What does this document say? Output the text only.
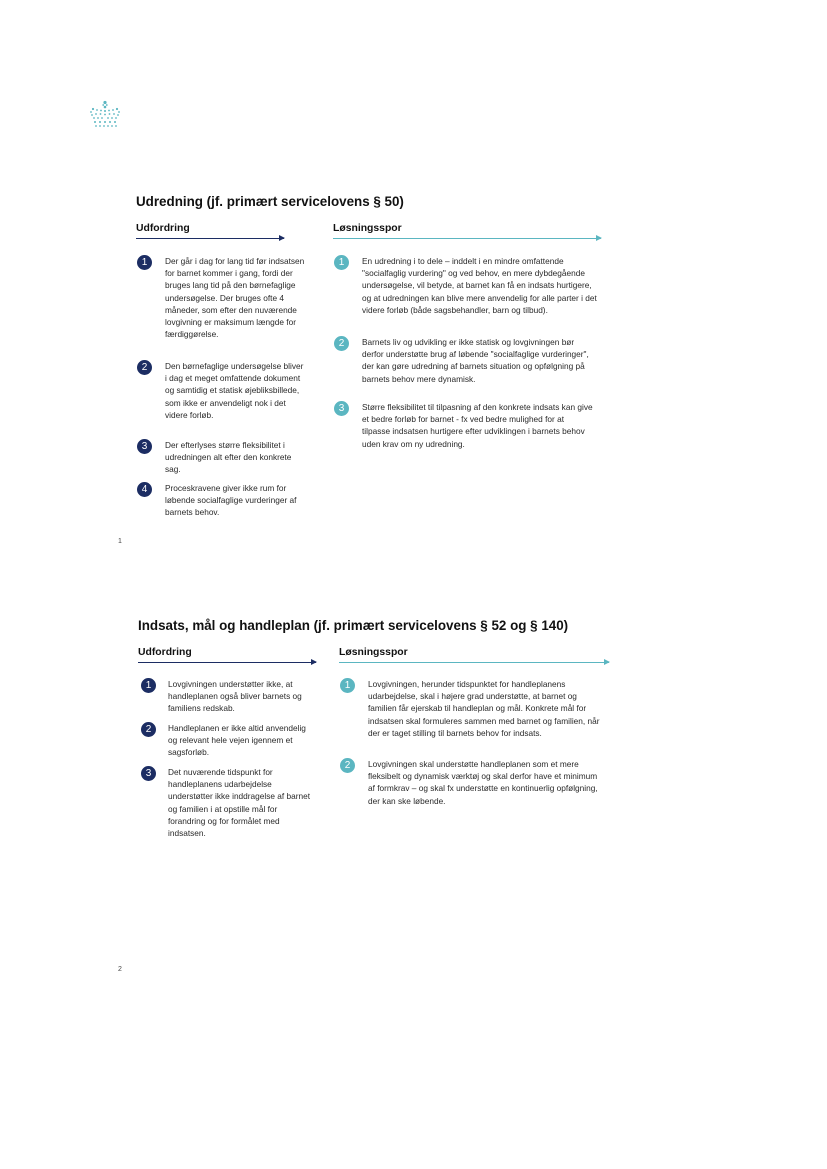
Udredning (jf. primært servicelovens § 50)
Udfordring	Løsningsspor
1	Der går i dag for lang tid før indsatsen for barnet kommer i gang, fordi der bruges lang tid på den børnefaglige undersøgelse. Der bruges ofte 4 måneder, som efter den nuværende lovgivning er maksimum længde for færdiggørelse.
2	Den børnefaglige undersøgelse bliver i dag et meget omfattende dokument og samtidig et statisk øjebliksbillede, som ikke er anvendeligt nok i det videre forløb.
3	Der efterlyses større fleksibilitet i udredningen alt efter den konkrete sag.
4	Proceskravene giver ikke rum for løbende socialfaglige vurderinger af barnets behov.
1	En udredning i to dele – inddelt i en mindre omfattende "socialfaglig vurdering" og ved behov, en mere dybdegående undersøgelse, vil betyde, at barnet kan få en indsats hurtigere, og at udredningen kan blive mere anvendelig for alle parter i det videre forløb (både sagsbehandler, barn og tilbud).
2	Barnets liv og udvikling er ikke statisk og lovgivningen bør derfor understøtte brug af løbende "socialfaglige vurderinger", der kan gøre udredning af barnets situation og opfølgning på barnets behov mere dynamisk.
3	Større fleksibilitet til tilpasning af den konkrete indsats kan give et bedre forløb for barnet - fx ved bedre mulighed for at tilpasse indsatsen hurtigere efter udviklingen i barnets behov uden krav om ny udredning.
1
Indsats, mål og handleplan (jf. primært servicelovens § 52 og § 140)
Udfordring	Løsningsspor
1	Lovgivningen understøtter ikke, at handleplanen også bliver barnets og familiens redskab.
2	Handleplanen er ikke altid anvendelig og relevant hele vejen igennem et sagsforløb.
3	Det nuværende tidspunkt for handleplanens udarbejdelse understøtter ikke inddragelse af barnet og familien i at opstille mål for forandring og for formålet med indsatsen.
1	Lovgivningen, herunder tidspunktet for handleplanens udarbejdelse, skal i højere grad understøtte, at barnet og familien får ejerskab til handleplan og mål. Konkrete mål for indsatsen skal formuleres sammen med barnet og familien, når der er taget stilling til barnets behov for indsats.
2	Lovgivningen skal understøtte handleplanen som et mere fleksibelt og dynamisk værktøj og skal derfor have et minimum af formkrav – og skal fx understøtte en kontinuerlig opfølgning, der kan ske løbende.
2
